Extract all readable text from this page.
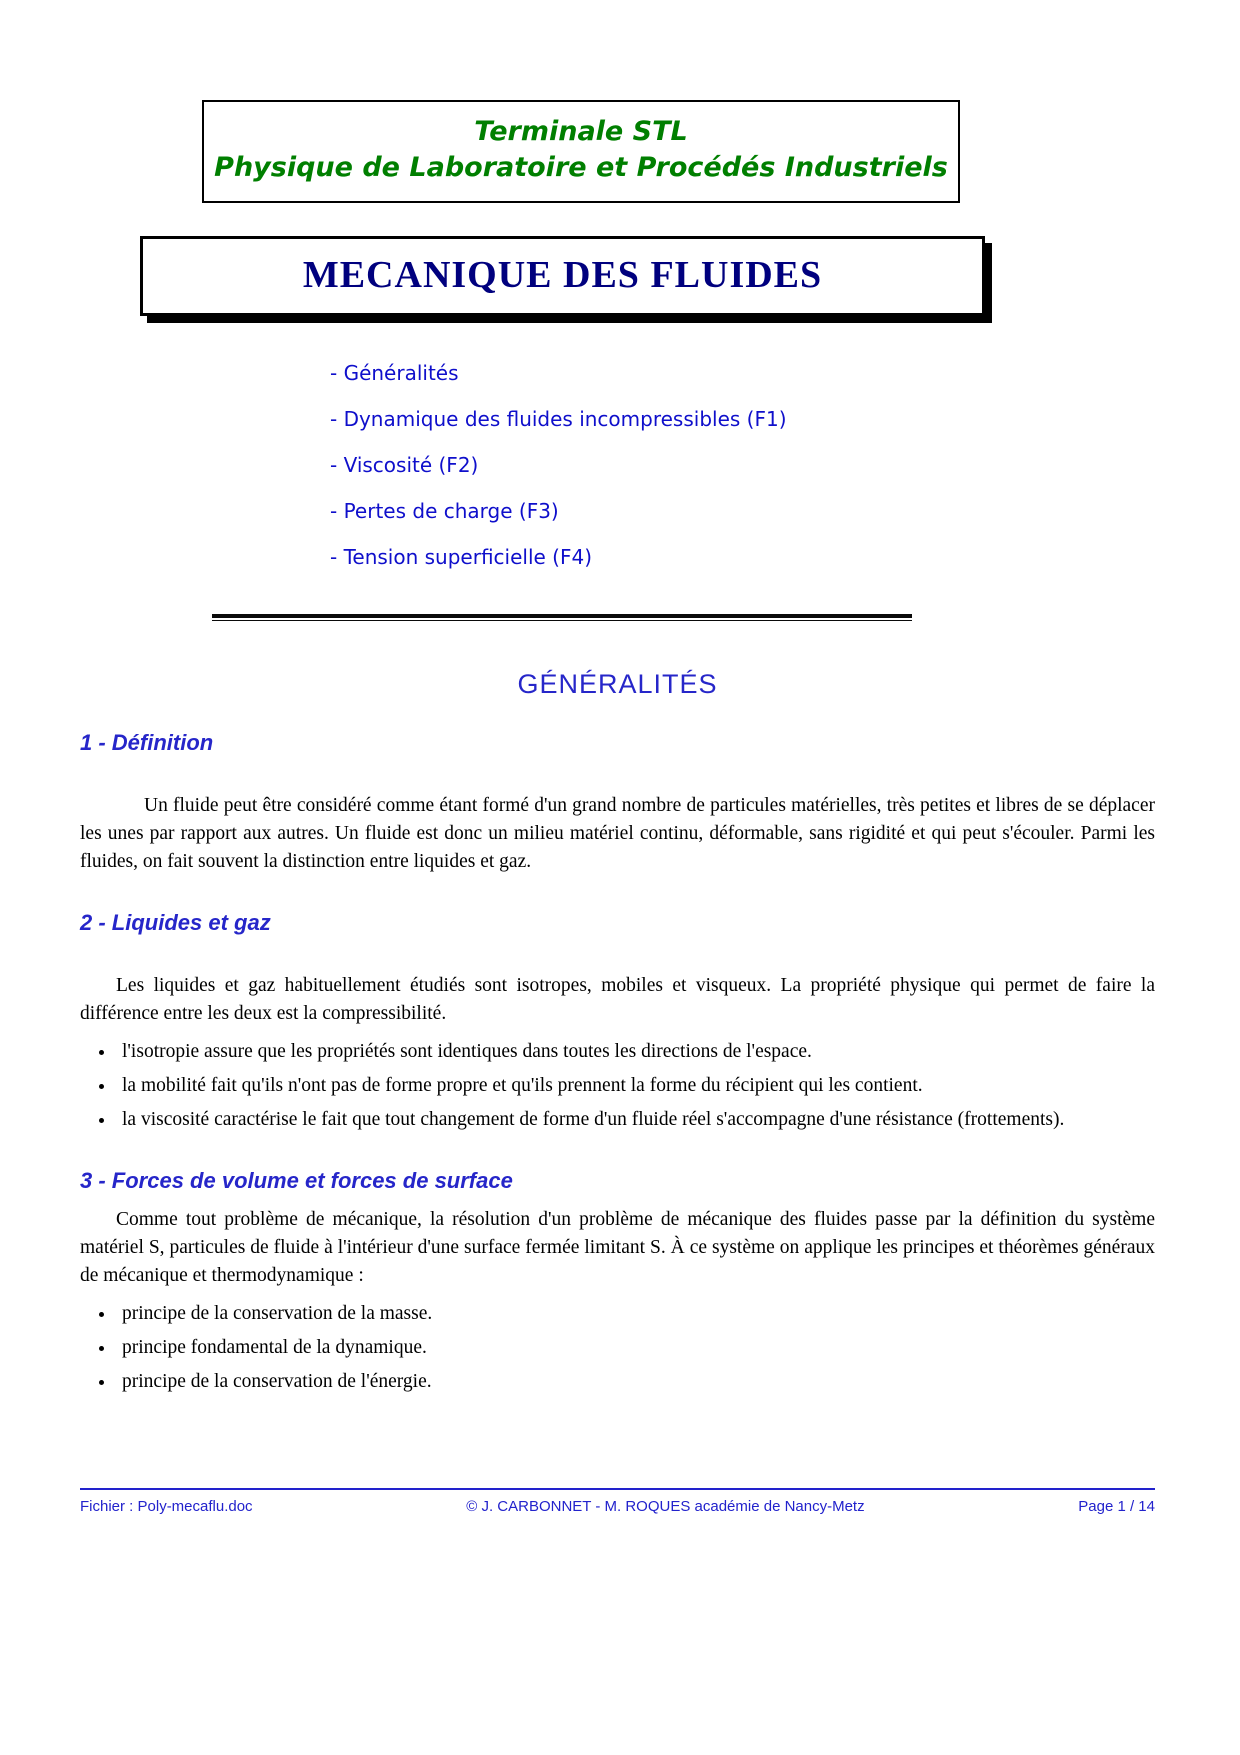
Terminale STL
Physique de Laboratoire et Procédés Industriels
MECANIQUE DES FLUIDES
- Généralités
- Dynamique des fluides incompressibles (F1)
- Viscosité (F2)
- Pertes de charge (F3)
- Tension superficielle (F4)
GÉNÉRALITÉS
1 - Définition

Un fluide peut être considéré comme étant formé d'un grand nombre de particules matérielles, très petites et libres de se déplacer les unes par rapport aux autres. Un fluide est donc un milieu matériel continu, déformable, sans rigidité et qui peut s'écouler. Parmi les fluides, on fait souvent la distinction entre liquides et gaz.

2 - Liquides et gaz

Les liquides et gaz habituellement étudiés sont isotropes, mobiles et visqueux. La propriété physique qui permet de faire la différence entre les deux est la compressibilité.

• l'isotropie assure que les propriétés sont identiques dans toutes les directions de l'espace.
• la mobilité fait qu'ils n'ont pas de forme propre et qu'ils prennent la forme du récipient qui les contient.
• la viscosité caractérise le fait que tout changement de forme d'un fluide réel s'accompagne d'une résistance (frottements).
3 - Forces de volume et forces de surface

Comme tout problème de mécanique, la résolution d'un problème de mécanique des fluides passe par la définition du système matériel S, particules de fluide à l'intérieur d'une surface fermée limitant S. À ce système on applique les principes et théorèmes généraux de mécanique et thermodynamique :

• principe de la conservation de la masse.
• principe fondamental de la dynamique.
• principe de la conservation de l'énergie.
Fichier : Poly-mecaflu.doc	© J. CARBONNET - M. ROQUES académie de Nancy-Metz	Page 1 / 14
